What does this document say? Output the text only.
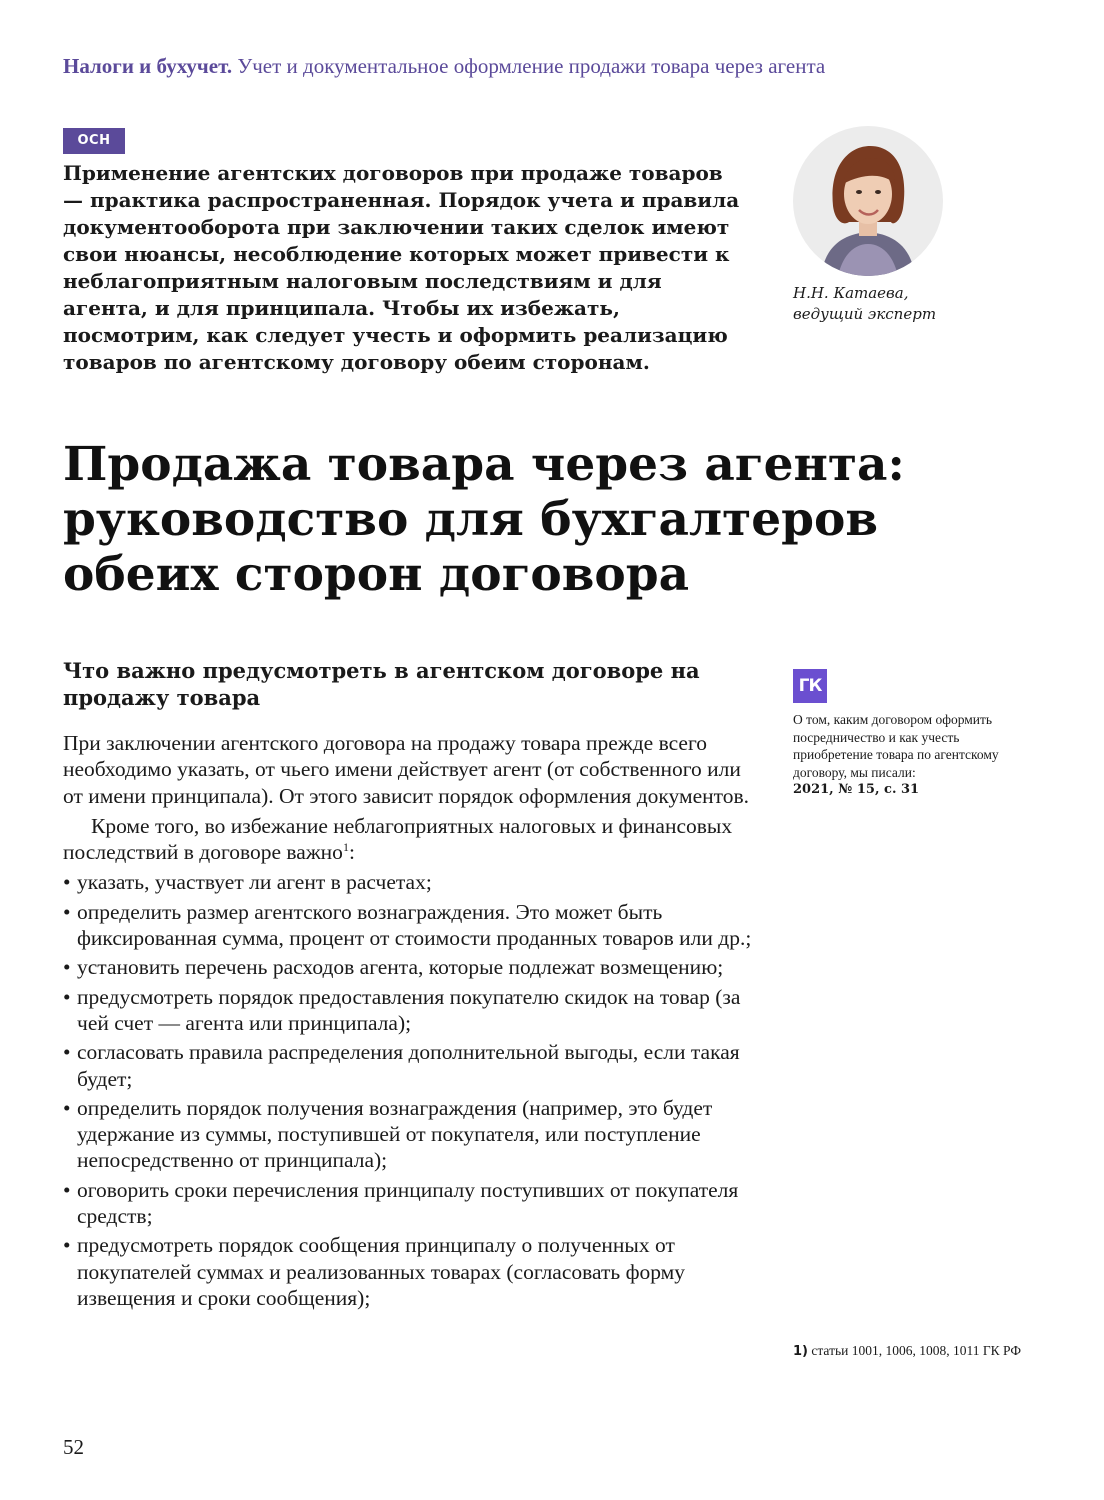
Налоги и бухучет. Учет и документальное оформление продажи товара через агента
ОСН

Применение агентских договоров при продаже товаров — практика распространенная. Порядок учета и правила документооборота при заключении таких сделок имеют свои нюансы, несоблюдение которых может привести к неблагоприятным налоговым последствиям и для агента, и для принципала. Чтобы их избежать, посмотрим, как следует учесть и оформить реализацию товаров по агентскому договору обеим сторонам.

Н.Н. Катаева,
ведущий эксперт
Продажа товара через агента:
руководство для бухгалтеров
обеих сторон договора
Что важно предусмотреть в агентском договоре на продажу товара

При заключении агентского договора на продажу товара прежде всего необходимо указать, от чьего имени действует агент (от собственного или от имени принципала). От этого зависит порядок оформления документов.

Кроме того, во избежание неблагоприятных налоговых и финансовых последствий в договоре важно$^1$:

• указать, участвует ли агент в расчетах;
• определить размер агентского вознаграждения. Это может быть фиксированная сумма, процент от стоимости проданных товаров или др.;
• установить перечень расходов агента, которые подлежат возмещению;
• предусмотреть порядок предоставления покупателю скидок на товар (за чей счет — агента или принципала);
• согласовать правила распределения дополнительной выгоды, если такая будет;
• определить порядок получения вознаграждения (например, это будет удержание из суммы, поступившей от покупателя, или поступление непосредственно от принципала);
• оговорить сроки перечисления принципалу поступивших от покупателя средств;
• предусмотреть порядок сообщения принципалу о полученных от покупателей суммах и реализованных товарах (согласовать форму извещения и сроки сообщения);
ГК
О том, каким договором оформить посредничество и как учесть приобретение товара по агентскому договору, мы писали:
2021, № 15, с. 31
1) статьи 1001, 1006, 1008, 1011 ГК РФ
52
